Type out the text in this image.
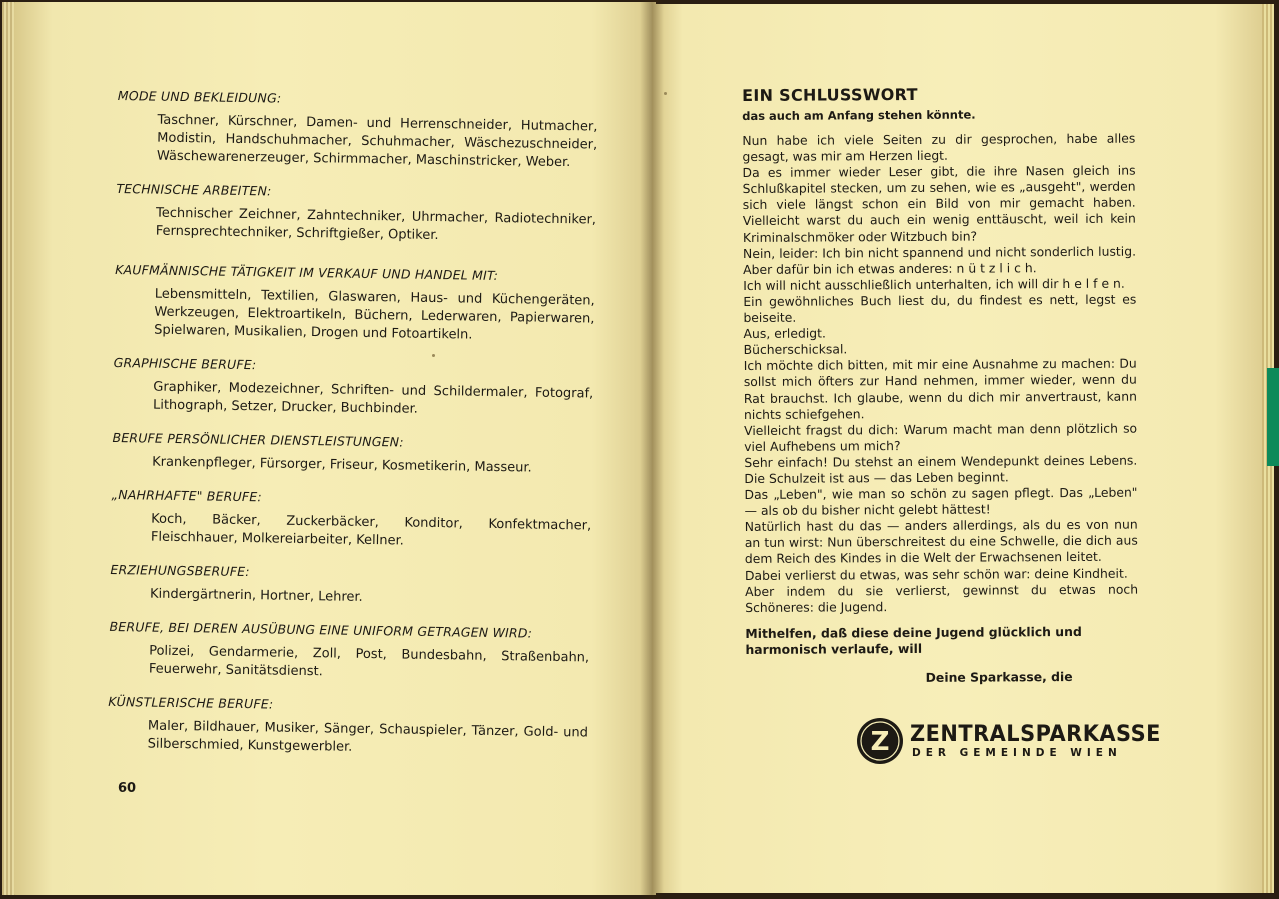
MODE UND BEKLEIDUNG:

Taschner, Kürschner, Damen- und Herrenschneider, Hutmacher, Modistin, Handschuhmacher, Schuhmacher, Wäschezuschneider, Wäschewarenerzeuger, Schirmmacher, Maschinstricker, Weber.

TECHNISCHE ARBEITEN:

Technischer Zeichner, Zahntechniker, Uhrmacher, Radiotechniker, Fernsprechtechniker, Schriftgießer, Optiker.

KAUFMÄNNISCHE TÄTIGKEIT IM VERKAUF UND HANDEL MIT:

Lebensmitteln, Textilien, Glaswaren, Haus- und Küchengeräten, Werkzeugen, Elektroartikeln, Büchern, Lederwaren, Papierwaren, Spielwaren, Musikalien, Drogen und Fotoartikeln.

GRAPHISCHE BERUFE:

Graphiker, Modezeichner, Schriften- und Schildermaler, Fotograf, Lithograph, Setzer, Drucker, Buchbinder.

BERUFE PERSÖNLICHER DIENSTLEISTUNGEN:

Krankenpfleger, Fürsorger, Friseur, Kosmetikerin, Masseur.

„NAHRHAFTE" BERUFE:

Koch, Bäcker, Zuckerbäcker, Konditor, Konfektmacher, Fleischhauer, Molkereiarbeiter, Kellner.

ERZIEHUNGSBERUFE:

Kindergärtnerin, Hortner, Lehrer.

BERUFE, BEI DEREN AUSÜBUNG EINE UNIFORM GETRAGEN WIRD:

Polizei, Gendarmerie, Zoll, Post, Bundesbahn, Straßenbahn, Feuerwehr, Sanitätsdienst.

KÜNSTLERISCHE BERUFE:

Maler, Bildhauer, Musiker, Sänger, Schauspieler, Tänzer, Gold- und Silberschmied, Kunstgewerbler.

60
EIN SCHLUSSWORT

das auch am Anfang stehen könnte.

Nun habe ich viele Seiten zu dir gesprochen, habe alles gesagt, was mir am Herzen liegt.

Da es immer wieder Leser gibt, die ihre Nasen gleich ins Schlußkapitel stecken, um zu sehen, wie es „ausgeht", werden sich viele längst schon ein Bild von mir gemacht haben. Vielleicht warst du auch ein wenig enttäuscht, weil ich kein Kriminalschmöker oder Witzbuch bin?

Nein, leider: Ich bin nicht spannend und nicht sonderlich lustig. Aber dafür bin ich etwas anderes: n ü t z l i c h.

Ich will nicht ausschließlich unterhalten, ich will dir h e l f e n.

Ein gewöhnliches Buch liest du, du findest es nett, legst es beiseite.

Aus, erledigt.

Bücherschicksal.

Ich möchte dich bitten, mit mir eine Ausnahme zu machen: Du sollst mich öfters zur Hand nehmen, immer wieder, wenn du Rat brauchst. Ich glaube, wenn du dich mir anvertraust, kann nichts schiefgehen.

Vielleicht fragst du dich: Warum macht man denn plötzlich so viel Aufhebens um mich?

Sehr einfach! Du stehst an einem Wendepunkt deines Lebens. Die Schulzeit ist aus — das Leben beginnt.

Das „Leben", wie man so schön zu sagen pflegt. Das „Leben" — als ob du bisher nicht gelebt hättest!

Natürlich hast du das — anders allerdings, als du es von nun an tun wirst: Nun überschreitest du eine Schwelle, die dich aus dem Reich des Kindes in die Welt der Erwachsenen leitet.

Dabei verlierst du etwas, was sehr schön war: deine Kindheit.

Aber indem du sie verlierst, gewinnst du etwas noch Schöneres: die Jugend.

Mithelfen, daß diese deine Jugend glücklich und harmonisch verlaufe, will

Deine Sparkasse, die

Z ZENTRALSPARKASSE
DER GEMEINDE WIEN
